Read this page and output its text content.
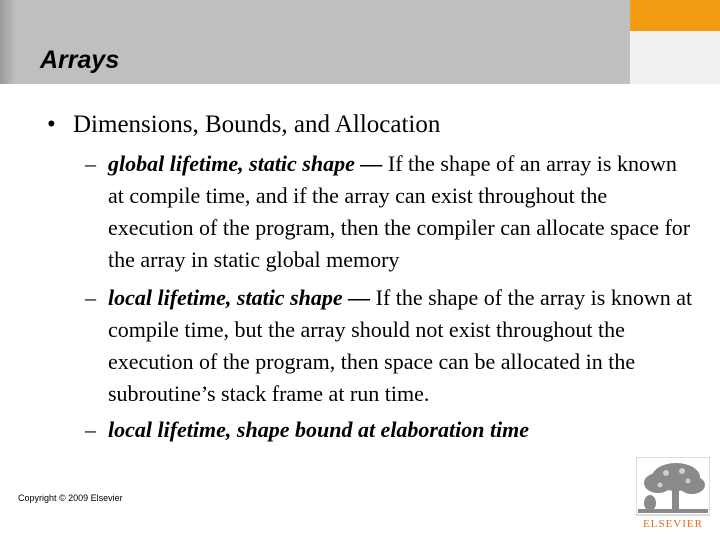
Arrays
• Dimensions, Bounds, and Allocation
– global lifetime, static shape — If the shape of an array is known at compile time, and if the array can exist throughout the execution of the program, then the compiler can allocate space for the array in static global memory
– local lifetime, static shape — If the shape of the array is known at compile time, but the array should not exist throughout the execution of the program, then space can be allocated in the subroutine’s stack frame at run time.
– local lifetime, shape bound at elaboration time
Copyright © 2009 Elsevier
ELSEVIER
